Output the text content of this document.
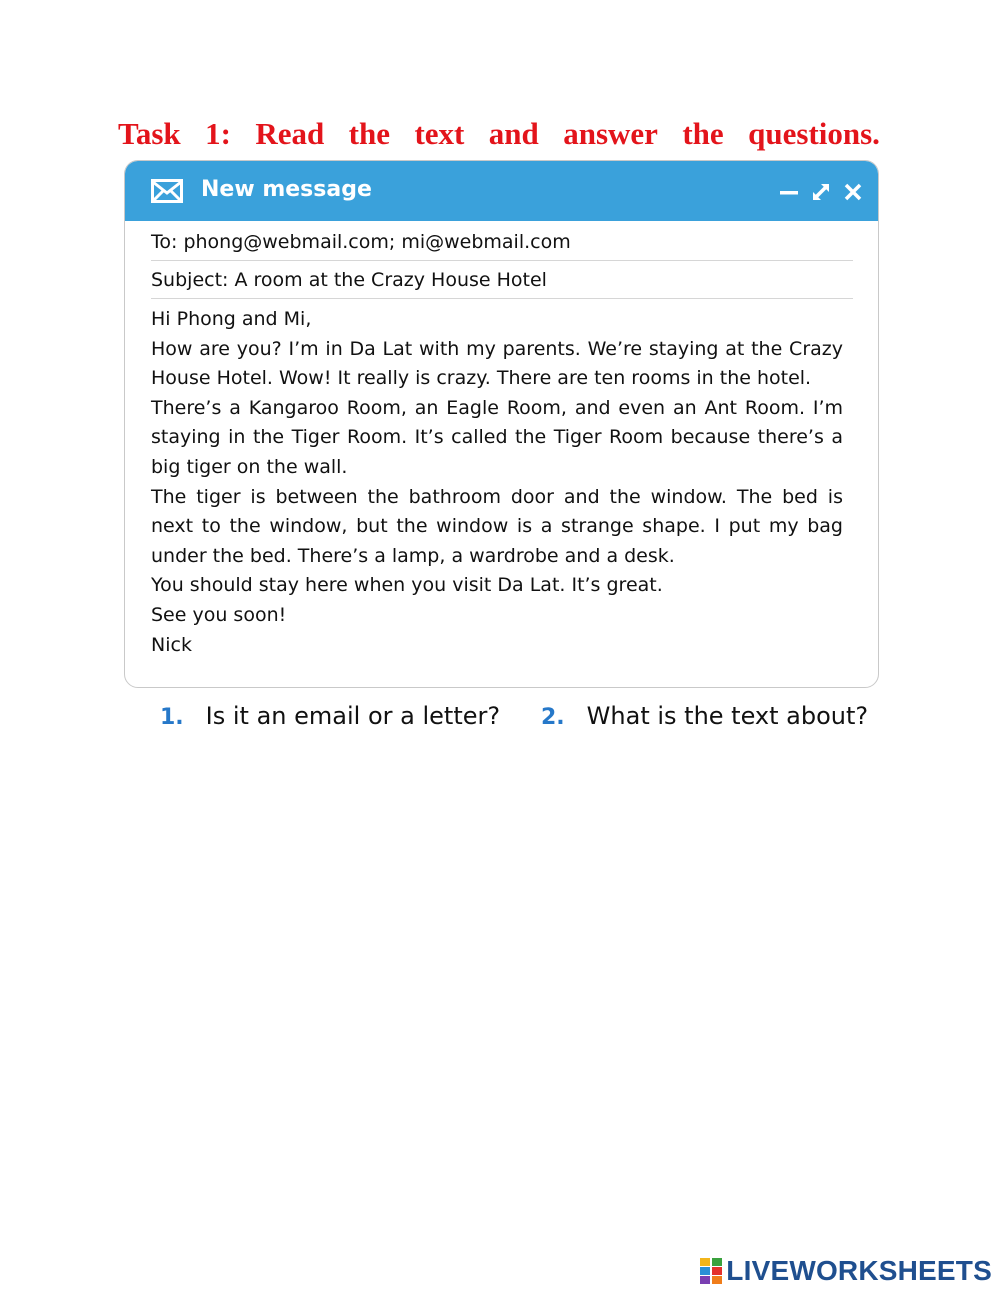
Task 1: Read the text and answer the questions.
New message
To: phong@webmail.com; mi@webmail.com
Subject: A room at the Crazy House Hotel

Hi Phong and Mi,

How are you? I’m in Da Lat with my parents. We’re staying at the Crazy House Hotel. Wow! It really is crazy. There are ten rooms in the hotel.

There’s a Kangaroo Room, an Eagle Room, and even an Ant Room. I’m staying in the Tiger Room. It’s called the Tiger Room because there’s a big tiger on the wall.

The tiger is between the bathroom door and the window. The bed is next to the window, but the window is a strange shape. I put my bag under the bed. There’s a lamp, a wardrobe and a desk.

You should stay here when you visit Da Lat. It’s great.

See you soon!

Nick

1. Is it an email or a letter? 2. What is the text about?
LIVEWORKSHEETS
